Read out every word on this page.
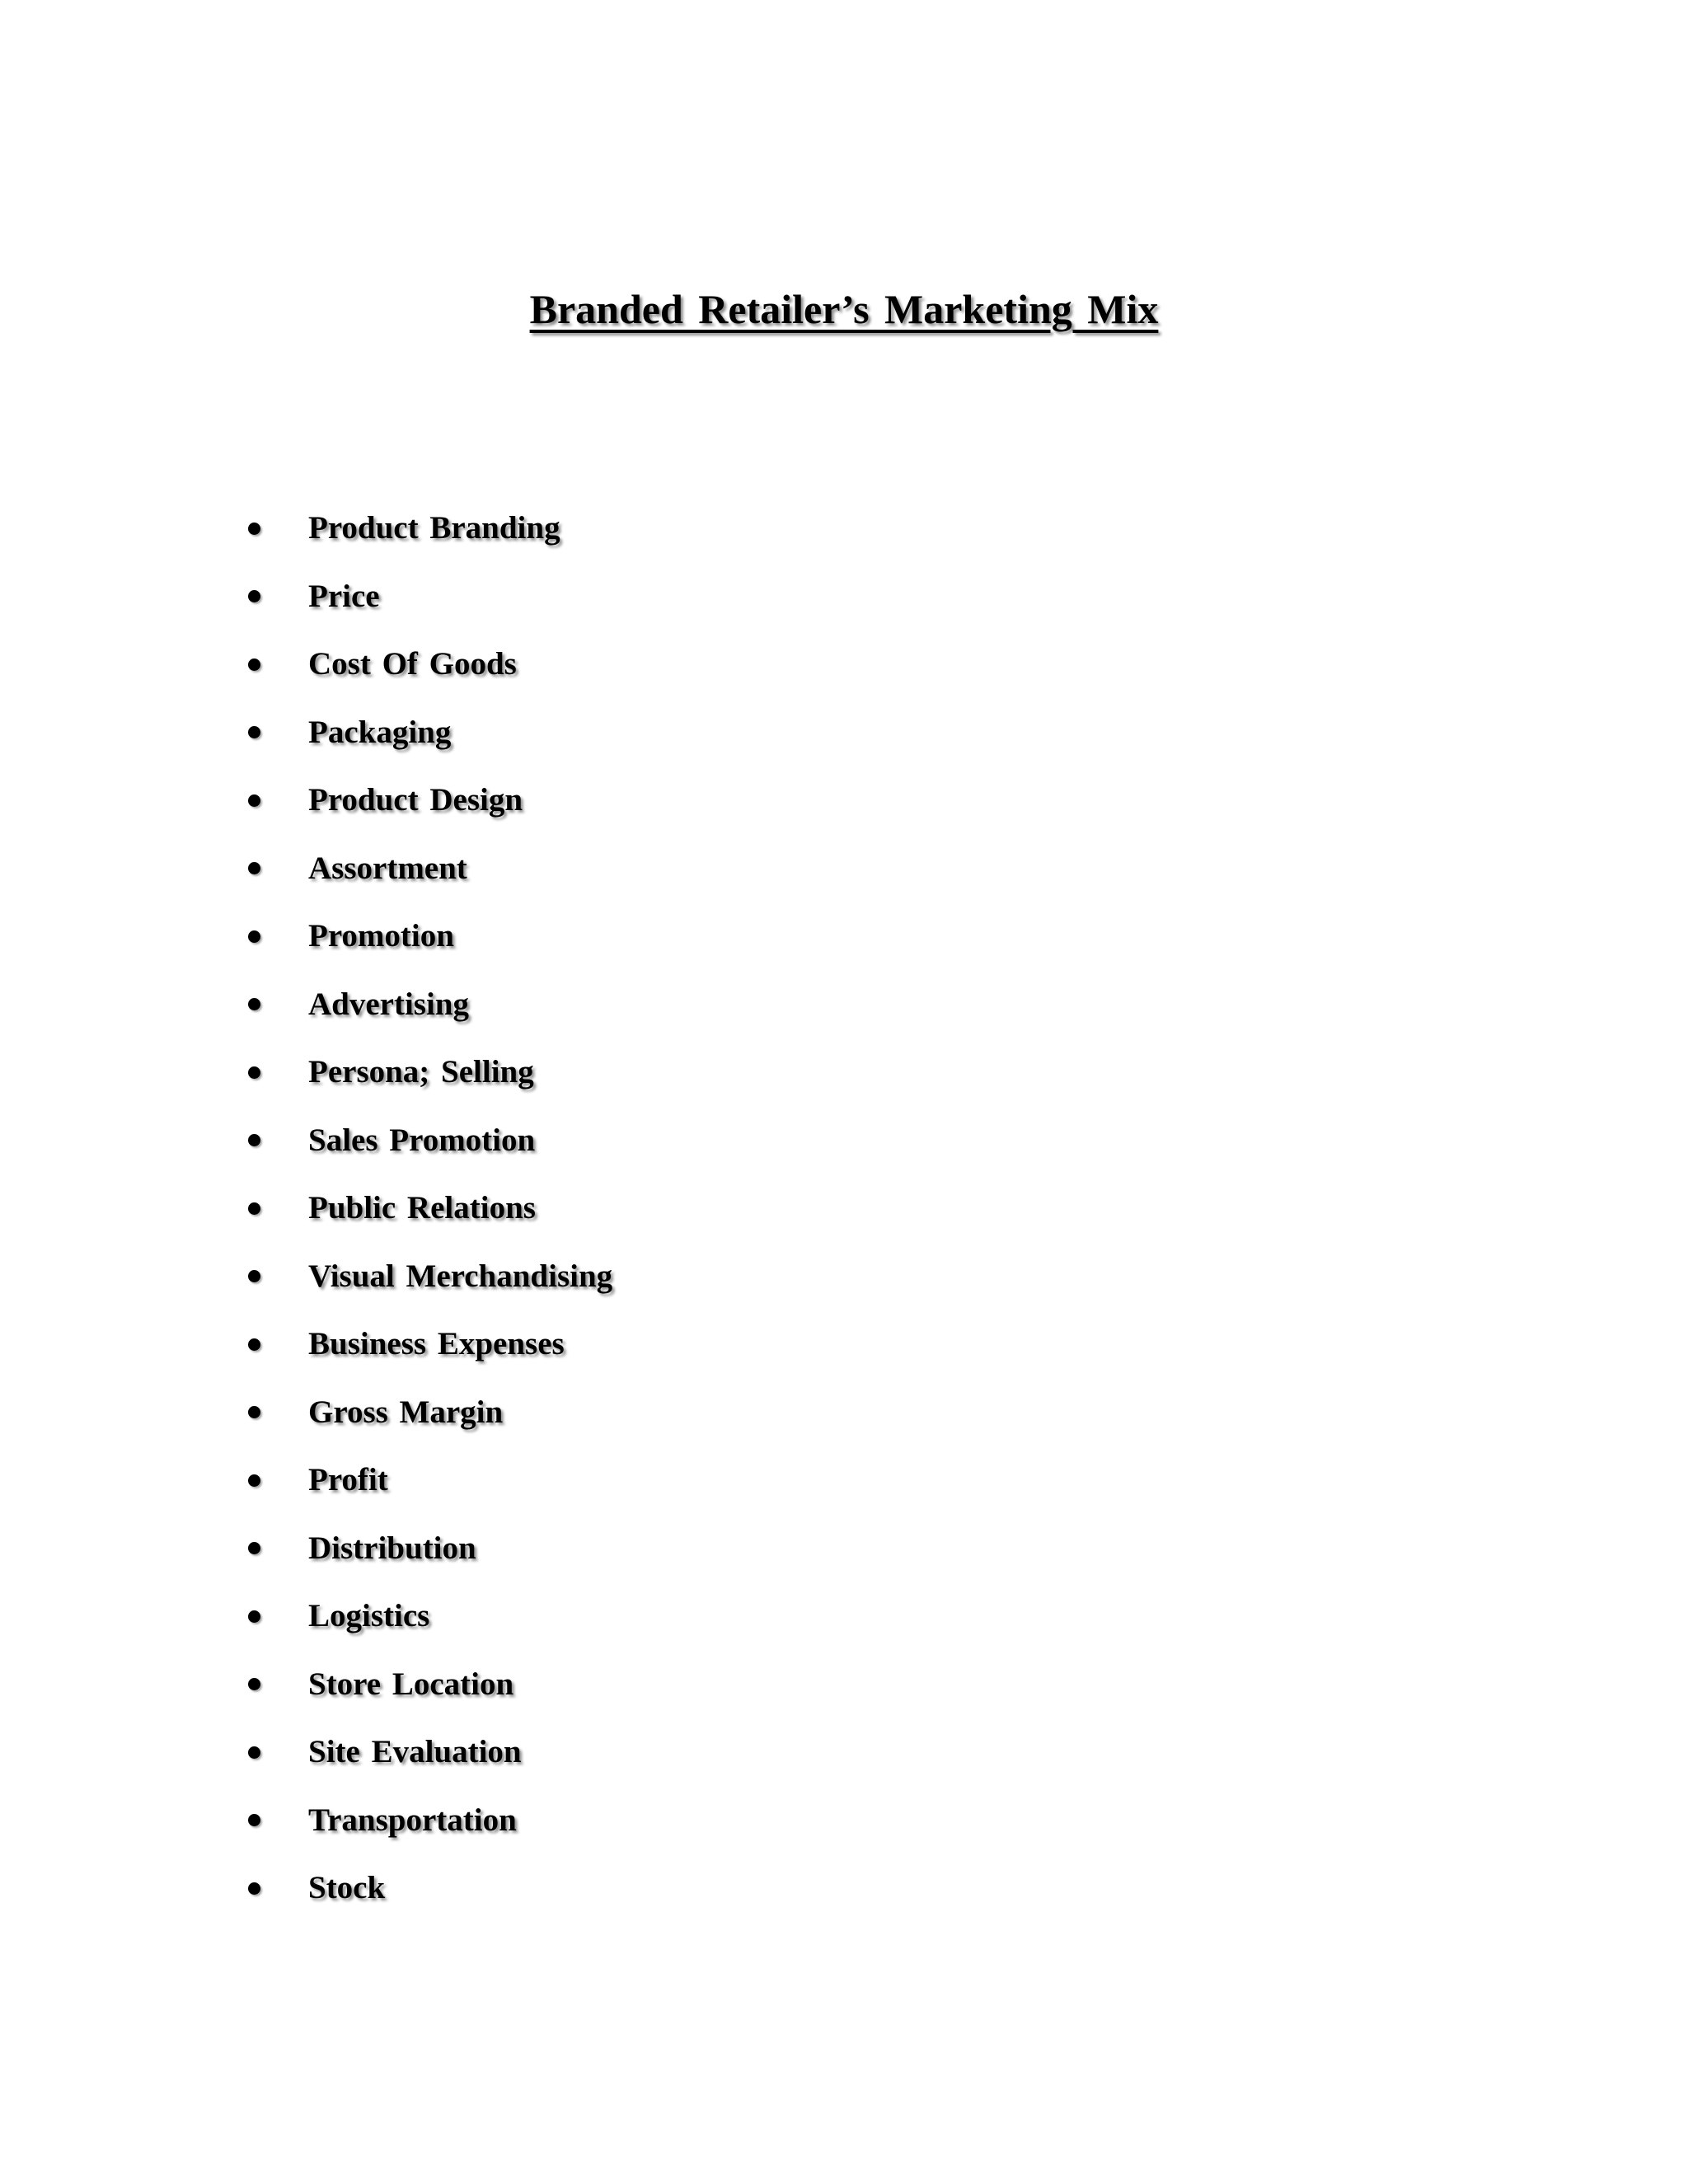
Branded Retailer’s Marketing Mix
Product Branding
Price
Cost Of Goods
Packaging
Product Design
Assortment
Promotion
Advertising
Persona; Selling
Sales Promotion
Public Relations
Visual Merchandising
Business Expenses
Gross Margin
Profit
Distribution
Logistics
Store Location
Site Evaluation
Transportation
Stock
